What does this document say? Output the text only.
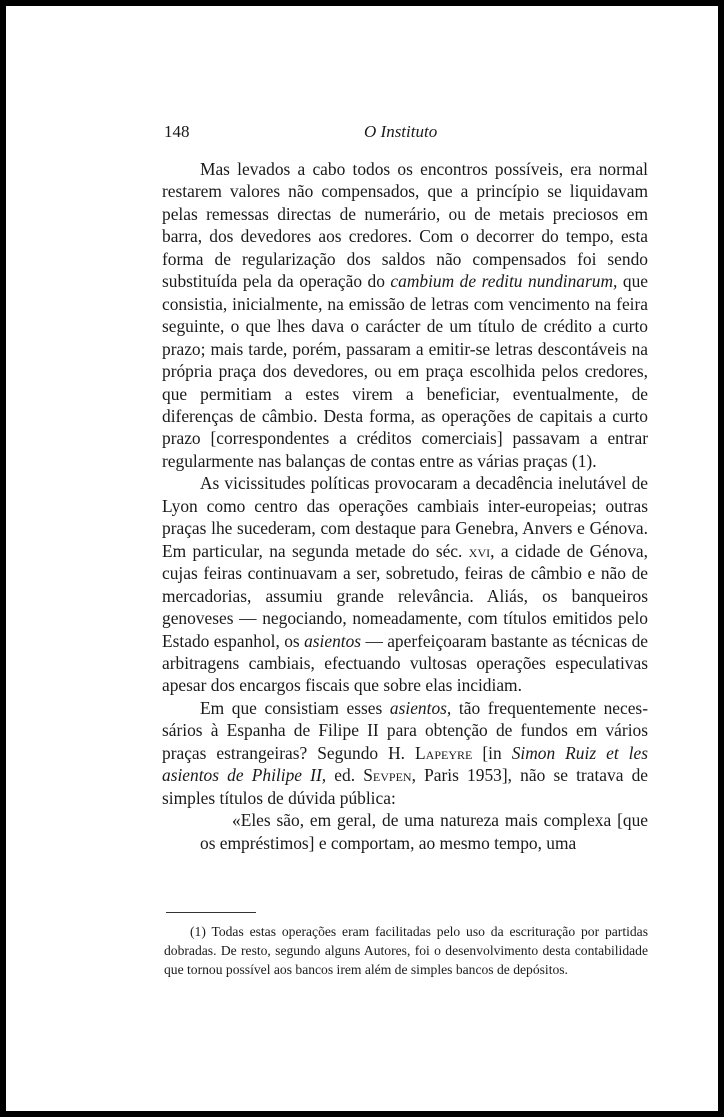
148	O Instituto

Mas levados a cabo todos os encontros possíveis, era normal restarem valores não compensados, que a princípio se liquidavam pelas remessas directas de numerário, ou de metais preciosos em barra, dos devedores aos credores. Com o decorrer do tempo, esta forma de regularização dos saldos não compensados foi sendo substituída pela da operação do cambium de reditu nundinarum, que consistia, inicialmente, na emissão de letras com vencimento na feira seguinte, o que lhes dava o carácter de um título de crédito a curto prazo; mais tarde, porém, passaram a emitir-se letras descontáveis na própria praça dos devedores, ou em praça escolhida pelos credores, que permitiam a estes virem a beneficiar, eventualmente, de diferenças de câmbio. Desta forma, as operações de capitais a curto prazo [correspondentes a créditos comerciais] passavam a entrar regularmente nas balanças de contas entre as várias praças (1).

As vicissitudes políticas provocaram a decadência inelutável de Lyon como centro das operações cambiais inter-europeias; outras praças lhe sucederam, com destaque para Genebra, Anvers e Génova. Em particular, na segunda metade do séc. xvi, a cidade de Génova, cujas feiras continuavam a ser, sobretudo, feiras de câmbio e não de mercadorias, assumiu grande relevância. Aliás, os banqueiros genoveses — negociando, nomeadamente, com títulos emitidos pelo Estado espanhol, os asientos — aperfeiçoaram bastante as técnicas de arbitragens cambiais, efectuando vultosas operações especulativas apesar dos encargos fiscais que sobre elas incidiam.

Em que consistiam esses asientos, tão frequentemente necessários à Espanha de Filipe II para obtenção de fundos em vários praças estrangeiras? Segundo H. Lapeyre [in Simon Ruiz et les asientos de Philipe II, ed. Sevpen, Paris 1953], não se tratava de simples títulos de dúvida pública:

«Eles são, em geral, de uma natureza mais complexa [que os empréstimos] e comportam, ao mesmo tempo, uma

(1) Todas estas operações eram facilitadas pelo uso da escrituração por partidas dobradas. De resto, segundo alguns Autores, foi o desenvolvimento desta contabilidade que tornou possível aos bancos irem além de simples bancos de depósitos.
